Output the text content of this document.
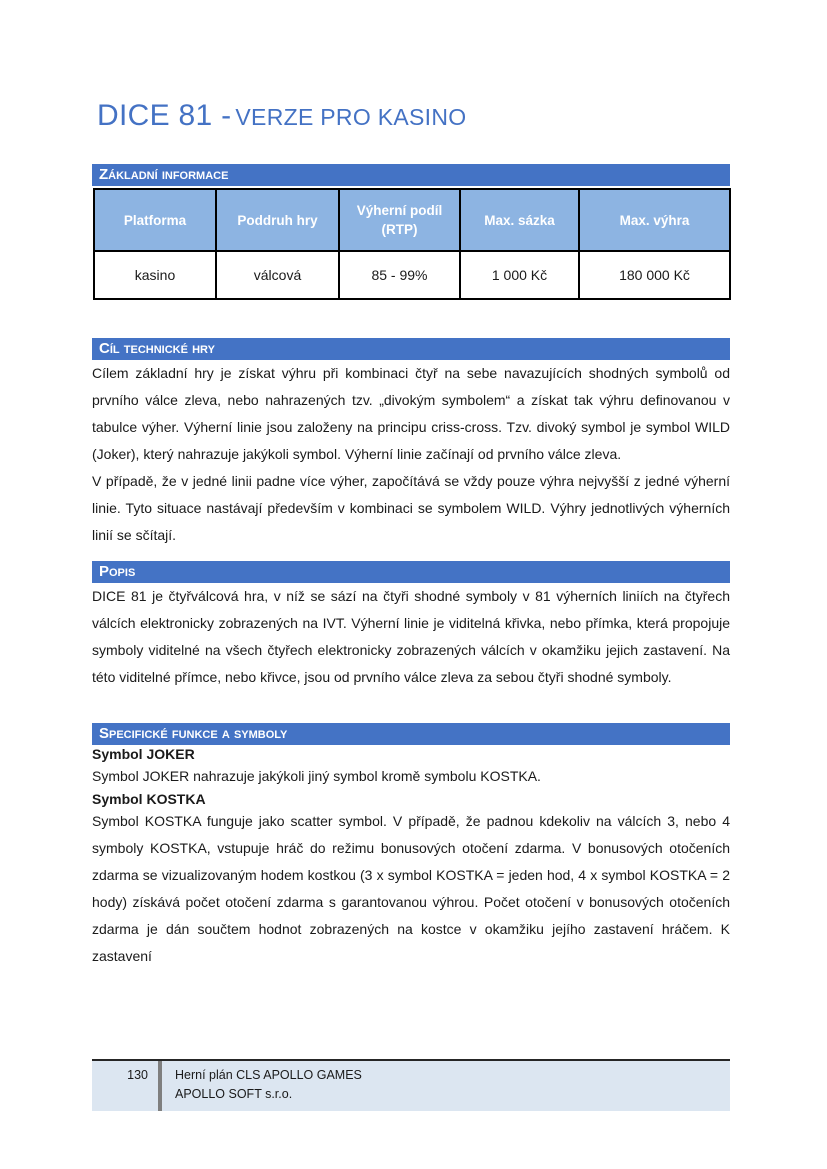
DICE 81 - VERZE PRO KASINO
Základní informace
Platforma	Poddruh hry	Výherní podíl (RTP)	Max. sázka	Max. výhra
kasino	válcová	85 - 99%	1 000 Kč	180 000 Kč
Cíl technické hry

Cílem základní hry je získat výhru při kombinaci čtyř na sebe navazujících shodných symbolů od prvního válce zleva, nebo nahrazených tzv. „divokým symbolem“ a získat tak výhru definovanou v tabulce výher. Výherní linie jsou založeny na principu criss-cross. Tzv. divoký symbol je symbol WILD (Joker), který nahrazuje jakýkoli symbol. Výherní linie začínají od prvního válce zleva.

V případě, že v jedné linii padne více výher, započítává se vždy pouze výhra nejvyšší z jedné výherní linie. Tyto situace nastávají především v kombinaci se symbolem WILD. Výhry jednotlivých výherních linií se sčítají.

Popis

DICE 81 je čtyřválcová hra, v níž se sází na čtyři shodné symboly v 81 výherních liniích na čtyřech válcích elektronicky zobrazených na IVT. Výherní linie je viditelná křivka, nebo přímka, která propojuje symboly viditelné na všech čtyřech elektronicky zobrazených válcích v okamžiku jejich zastavení. Na této viditelné přímce, nebo křivce, jsou od prvního válce zleva za sebou čtyři shodné symboly.

Specifické funkce a symboly
Symbol JOKER

Symbol JOKER nahrazuje jakýkoli jiný symbol kromě symbolu KOSTKA.

Symbol KOSTKA

Symbol KOSTKA funguje jako scatter symbol. V případě, že padnou kdekoliv na válcích 3, nebo 4 symboly KOSTKA, vstupuje hráč do režimu bonusových otočení zdarma. V bonusových otočeních zdarma se vizualizovaným hodem kostkou (3 x symbol KOSTKA = jeden hod, 4 x symbol KOSTKA = 2 hody) získává počet otočení zdarma s garantovanou výhrou. Počet otočení v bonusových otočeních zdarma je dán součtem hodnot zobrazených na kostce v okamžiku jejího zastavení hráčem. K zastavení

130	Herní plán CLS APOLLO GAMES
APOLLO SOFT s.r.o.
